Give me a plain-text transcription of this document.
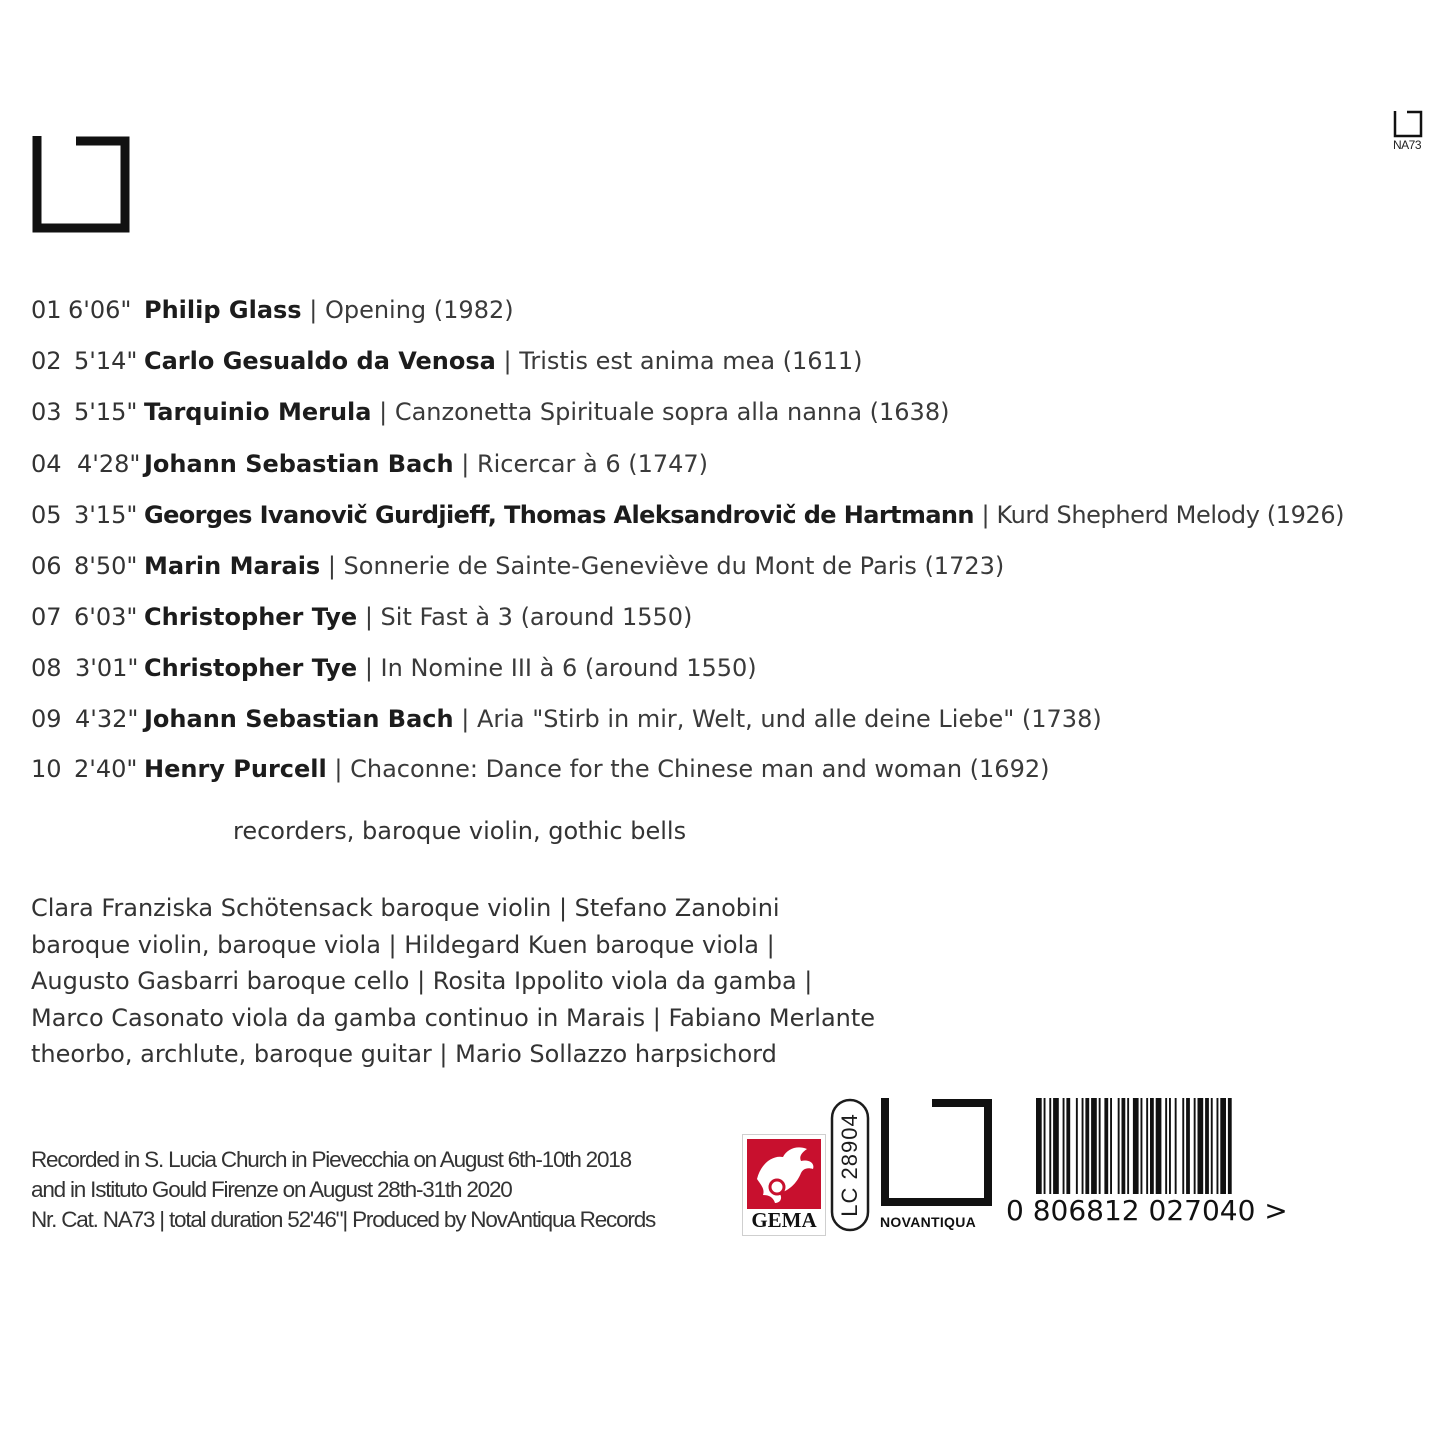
NA73
01 6'06" Philip Glass | Opening (1982)
02 5'14" Carlo Gesualdo da Venosa | Tristis est anima mea (1611)
03 5'15" Tarquinio Merula | Canzonetta Spirituale sopra alla nanna (1638)
04 4'28" Johann Sebastian Bach | Ricercar à 6 (1747)
05 3'15" Georges Ivanovič Gurdjieff, Thomas Aleksandrovič de Hartmann | Kurd Shepherd Melody (1926)
06 8'50" Marin Marais | Sonnerie de Sainte-Geneviève du Mont de Paris (1723)
07 6'03" Christopher Tye | Sit Fast à 3 (around 1550)
08 3'01" Christopher Tye | In Nomine III à 6 (around 1550)
09 4'32" Johann Sebastian Bach | Aria "Stirb in mir, Welt, und alle deine Liebe" (1738)
10 2'40" Henry Purcell | Chaconne: Dance for the Chinese man and woman (1692)
recorders, baroque violin, gothic bells
Clara Franziska Schötensack baroque violin | Stefano Zanobini
baroque violin, baroque viola | Hildegard Kuen baroque viola |
Augusto Gasbarri baroque cello | Rosita Ippolito viola da gamba |
Marco Casonato viola da gamba continuo in Marais | Fabiano Merlante
theorbo, archlute, baroque guitar | Mario Sollazzo harpsichord
Recorded in S. Lucia Church in Pievecchia on August 6th-10th 2018
and in Istituto Gould Firenze on August 28th-31th 2020
Nr. Cat. NA73 | total duration 52'46"| Produced by NovAntiqua Records	GEMA
LC 28904
NOVANTIQUA 0 806812 027040 >
